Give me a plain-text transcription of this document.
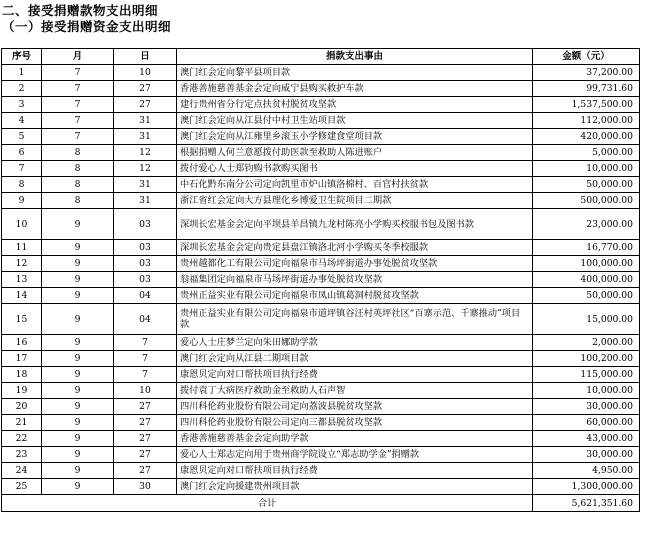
二、接受捐赠款物支出明细
（一）接受捐赠资金支出明细
序号	月	日	捐款支出事由	金额（元）
1	7	10	澳门红会定向黎平县项目款	37,200.00
2	7	27	香港善施慈善基金会定向威宁县购买救护车款	99,731.60
3	7	27	建行贵州省分行定点扶贫村脱贫攻坚款	1,537,500.00
4	7	31	澳门红会定向从江县付中村卫生站项目款	112,000.00
5	7	31	澳门红会定向从江雍里乡滚玉小学修建食堂项目款	420,000.00
6	8	12	根据捐赠人何兰意愿拨付助医款至救助人陈进账户	5,000.00
7	8	12	拨付爱心人士郑钧购书款购买图书	10,000.00
8	8	31	中石化黔东南分公司定向凯里市炉山镇洛棉村、百官村扶贫款	50,000.00
9	8	31	浙江省红会定向大方县理化乡博爱卫生院项目二期款	500,000.00
10	9	03	深圳长宏基金会定向平坝县羊昌镇九龙村陈亮小学购买校服书包及图书款	23,000.00
11	9	03	深圳长宏基金会定向贵定县盘江镇洛北河小学购买冬季校服款	16,770.00
12	9	03	贵州越都化工有限公司定向福泉市马场坪街道办事处脱贫攻坚款	100,000.00
13	9	03	翁福集团定向福泉市马场坪街道办事处脱贫攻坚款	400,000.00
14	9	04	贵州正益实业有限公司定向福泉市凤山镇葛洞村脱贫攻坚款	50,000.00
15	9	04	贵州正益实业有限公司定向福泉市道坪镇谷汪村英坪社区“百寨示范、千寨推动”项目款	15,000.00
16	9	7	爱心人士庄梦兰定向朱田娜助学款	2,000.00
17	9	7	澳门红会定向从江县二期项目款	100,200.00
18	9	7	康恩贝定向对口帮扶项目执行经费	115,000.00
19	9	10	拨付袁丁大病医疗救助金至救助人石声智	10,000.00
20	9	27	四川科伦药业股份有限公司定向荔波县脱贫攻坚款	30,000.00
21	9	27	四川科伦药业股份有限公司定向三都县脱贫攻坚款	60,000.00
22	9	27	香港善施慈善基金会定向助学款	43,000.00
23	9	27	爱心人士郑志定向用于贵州商学院设立“郑志助学金”捐赠款	30,000.00
24	9	27	康恩贝定向对口帮扶项目执行经费	4,950.00
25	9	30	澳门红会定向援建贵州项目款	1,300,000.00
合计				5,621,351.60
